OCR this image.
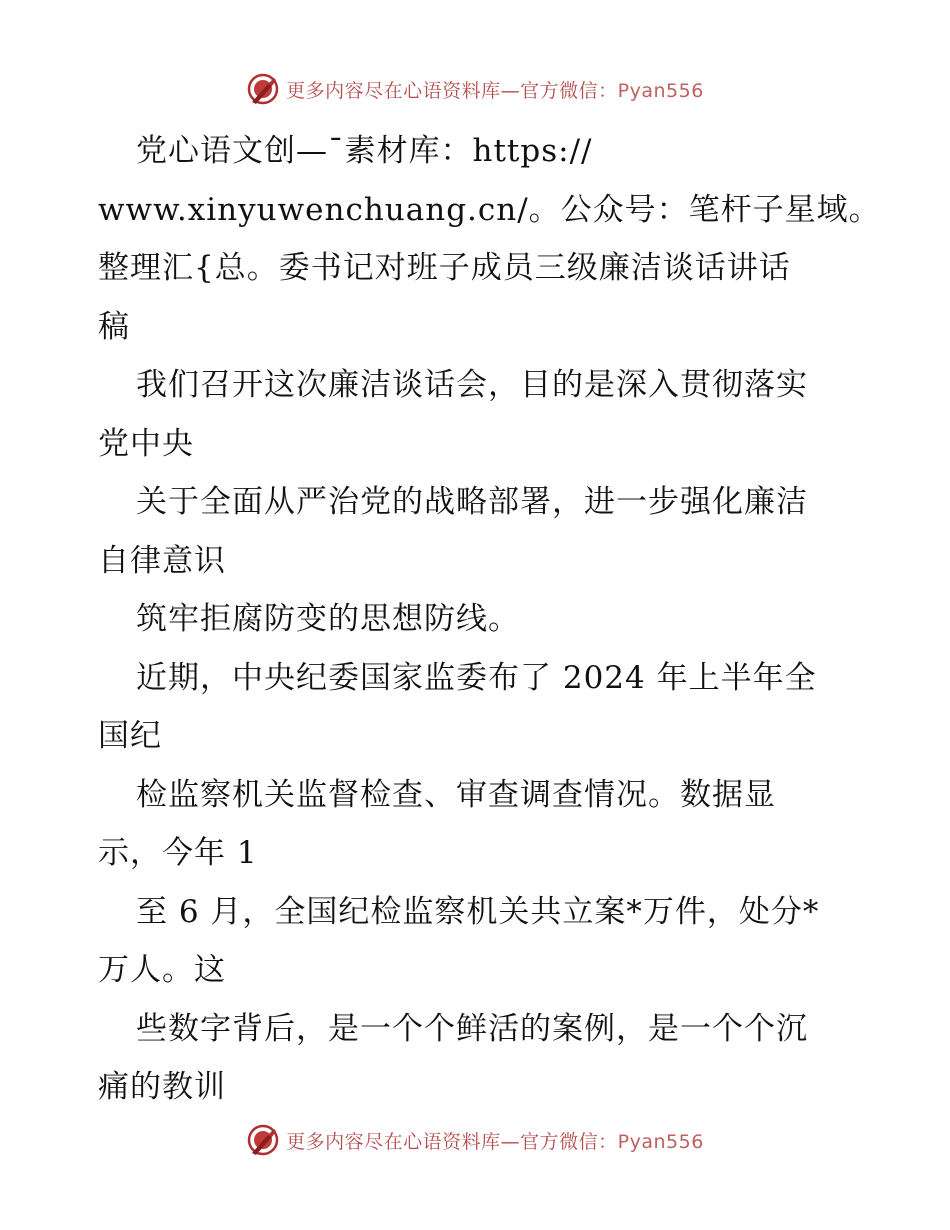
更多内容尽在心语资料库—官方微信：Pyan556
党心语文创—¯素材库：https://
www.xinyuwenchuang.cn/。公众号：笔杆子星域。
整理汇{总。委书记对班子成员三级廉洁谈话讲话
稿
我们召开这次廉洁谈话会，目的是深入贯彻落实
党中央
关于全面从严治党的战略部署，进一步强化廉洁
自律意识
筑牢拒腐防变的思想防线。
近期，中央纪委国家监委布了 2024 年上半年全
国纪
检监察机关监督检查、审查调查情况。数据显
示，今年 1
至 6 月，全国纪检监察机关共立案*万件，处分*
万人。这
些数字背后，是一个个鲜活的案例，是一个个沉
痛的教训
更多内容尽在心语资料库—官方微信：Pyan556
